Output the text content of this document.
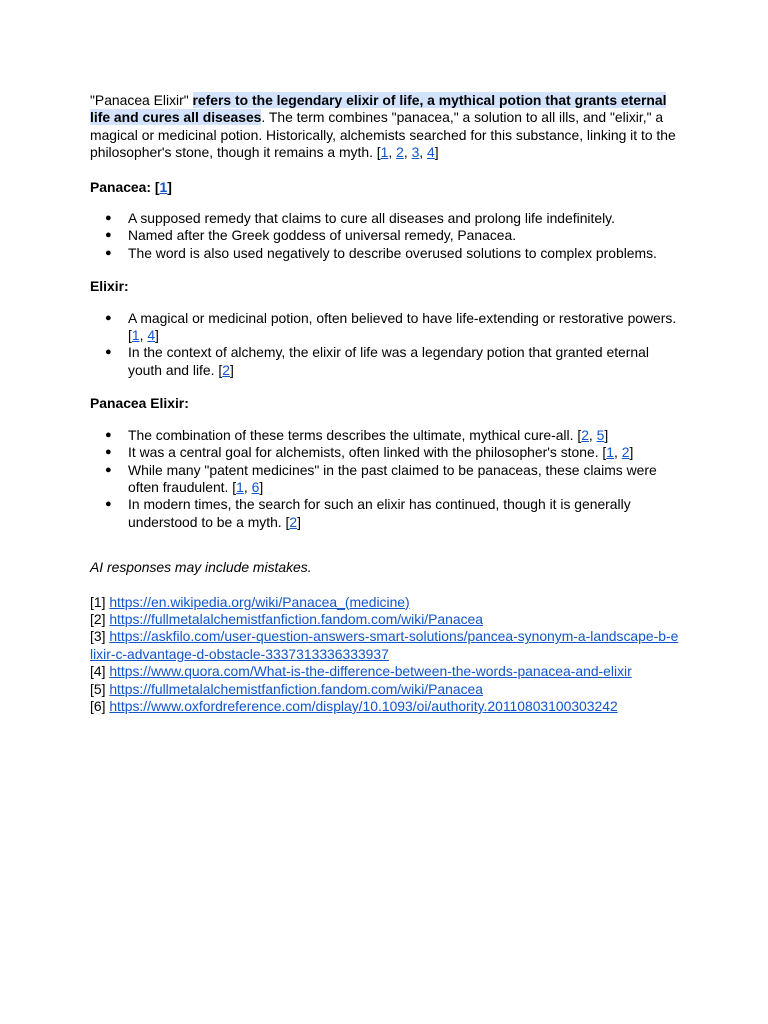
"Panacea Elixir" refers to the legendary elixir of life, a mythical potion that grants eternal life and cures all diseases. The term combines "panacea," a solution to all ills, and "elixir," a magical or medicinal potion. Historically, alchemists searched for this substance, linking it to the philosopher's stone, though it remains a myth. [1, 2, 3, 4]

Panacea: [1]

● A supposed remedy that claims to cure all diseases and prolong life indefinitely.
● Named after the Greek goddess of universal remedy, Panacea.
● The word is also used negatively to describe overused solutions to complex problems.

Elixir:

● A magical or medicinal potion, often believed to have life-extending or restorative powers. [1, 4]
● In the context of alchemy, the elixir of life was a legendary potion that granted eternal youth and life. [2]

Panacea Elixir:

● The combination of these terms describes the ultimate, mythical cure-all. [2, 5]
● It was a central goal for alchemists, often linked with the philosopher's stone. [1, 2]
● While many "patent medicines" in the past claimed to be panaceas, these claims were often fraudulent. [1, 6]
● In modern times, the search for such an elixir has continued, though it is generally understood to be a myth. [2]

AI responses may include mistakes.

[1] https://en.wikipedia.org/wiki/Panacea_(medicine)

[2] https://fullmetalalchemistfanfiction.fandom.com/wiki/Panacea

[3] https://askfilo.com/user-question-answers-smart-solutions/pancea-synonym-a-landscape-b-elixir-c-advantage-d-obstacle-3337313336333937

[4] https://www.quora.com/What-is-the-difference-between-the-words-panacea-and-elixir

[5] https://fullmetalalchemistfanfiction.fandom.com/wiki/Panacea

[6] https://www.oxfordreference.com/display/10.1093/oi/authority.20110803100303242
